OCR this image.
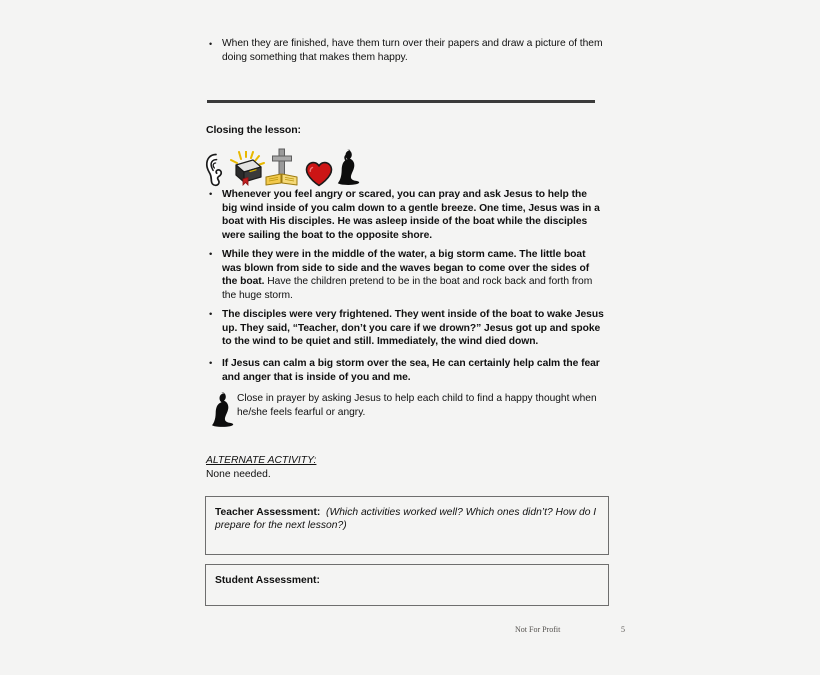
• When they are finished, have them turn over their papers and draw a picture of them doing something that makes them happy.
Closing the lesson:
• Whenever you feel angry or scared, you can pray and ask Jesus to help the big wind inside of you calm down to a gentle breeze. One time, Jesus was in a boat with His disciples. He was asleep inside of the boat while the disciples were sailing the boat to the opposite shore.
• While they were in the middle of the water, a big storm came. The little boat was blown from side to side and the waves began to come over the sides of the boat. Have the children pretend to be in the boat and rock back and forth from the huge storm.
• The disciples were very frightened. They went inside of the boat to wake Jesus up. They said, “Teacher, don’t you care if we drown?” Jesus got up and spoke to the wind to be quiet and still. Immediately, the wind died down.
• If Jesus can calm a big storm over the sea, He can certainly help calm the fear and anger that is inside of you and me.
Close in prayer by asking Jesus to help each child to find a happy thought when he/she feels fearful or angry.
ALTERNATE ACTIVITY:
None needed.
Teacher Assessment: (Which activities worked well? Which ones didn’t? How do I prepare for the next lesson?)
Student Assessment:
Not For Profit	5
